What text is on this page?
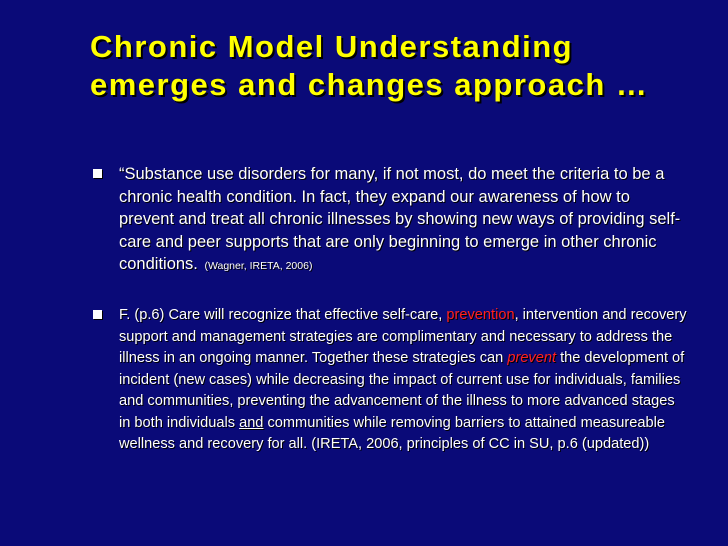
Chronic Model Understanding emerges and changes approach …
“Substance use disorders for many, if not most, do meet the criteria to be a chronic health condition. In fact, they expand our awareness of how to prevent and treat all chronic illnesses by showing new ways of providing self-care and peer supports that are only beginning to emerge in other chronic conditions. (Wagner, IRETA, 2006)
F. (p.6) Care will recognize that effective self-care, prevention, intervention and recovery support and management strategies are complimentary and necessary to address the illness in an ongoing manner. Together these strategies can prevent the development of incident (new cases) while decreasing the impact of current use for individuals, families and communities, preventing the advancement of the illness to more advanced stages in both individuals and communities while removing barriers to attained measureable wellness and recovery for all. (IRETA, 2006, principles of CC in SU, p.6 (updated))
